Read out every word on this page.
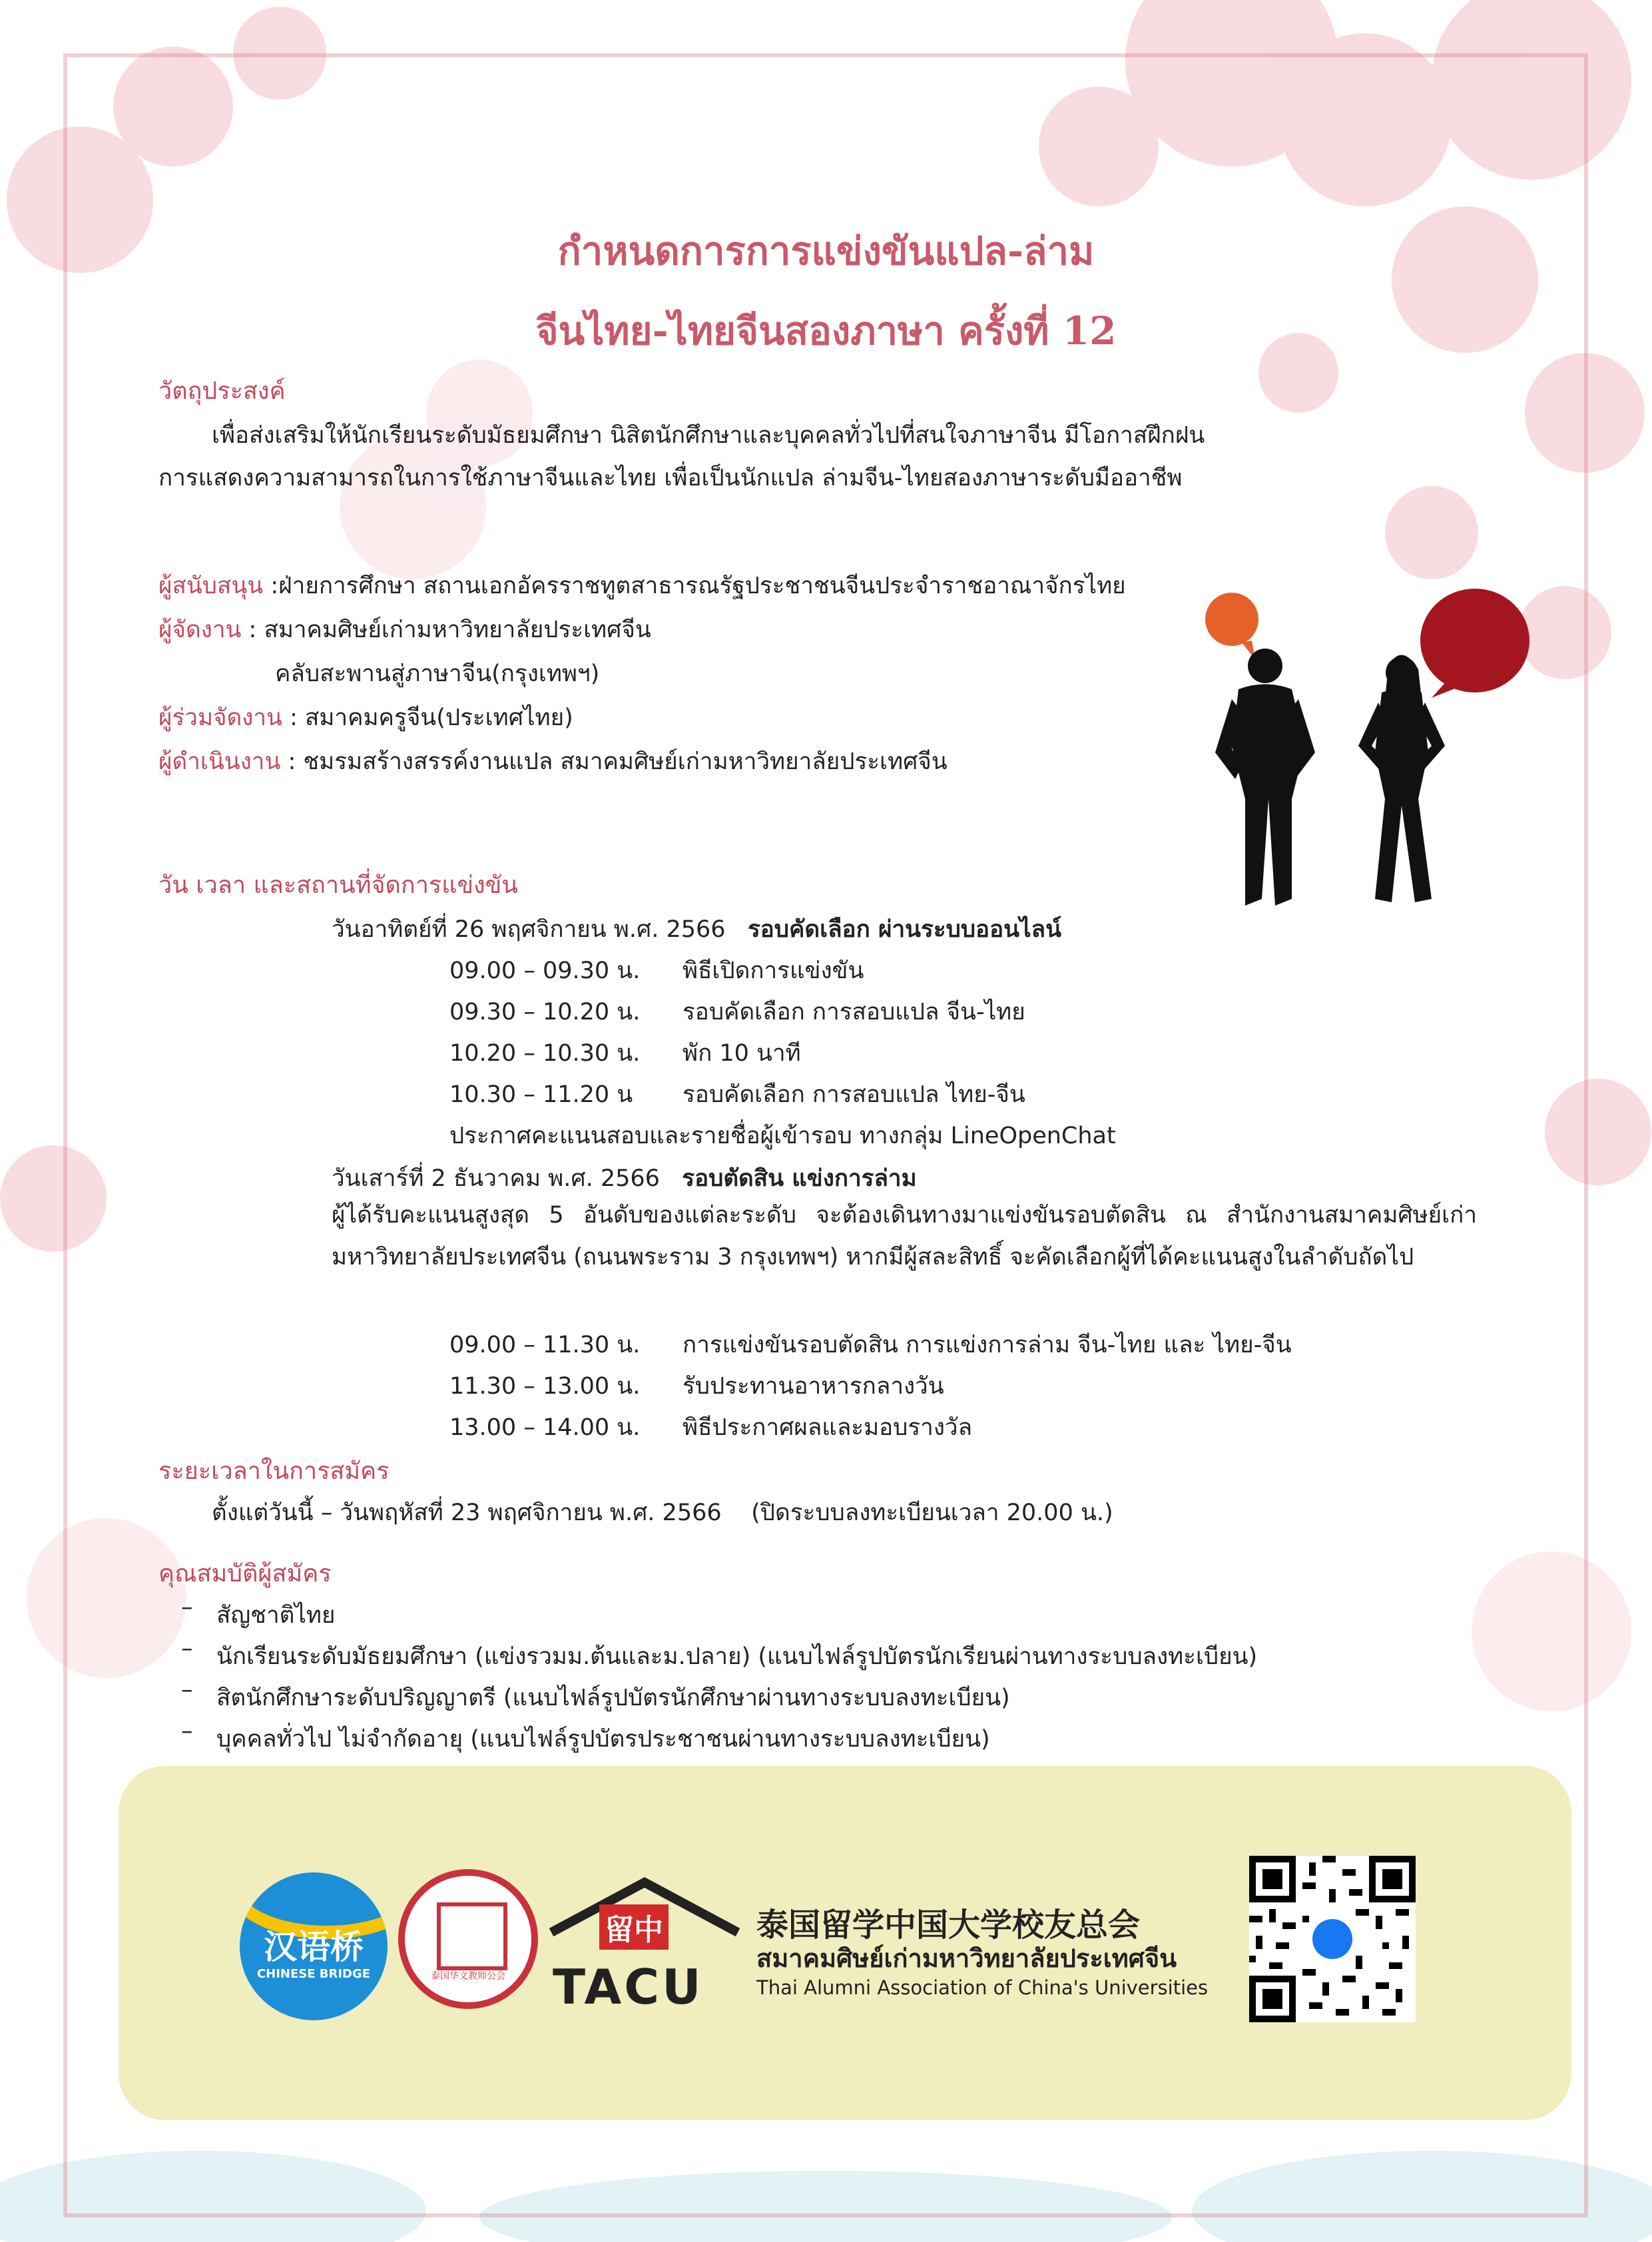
กำหนดการการแข่งขันแปล-ล่าม
จีนไทย-ไทยจีนสองภาษา ครั้งที่ 12
วัตถุประสงค์
เพื่อส่งเสริมให้นักเรียนระดับมัธยมศึกษา นิสิตนักศึกษาและบุคคลทั่วไปที่สนใจภาษาจีน มีโอกาสฝึกฝน
การแสดงความสามารถในการใช้ภาษาจีนและไทย เพื่อเป็นนักแปล ล่ามจีน-ไทยสองภาษาระดับมืออาชีพ
ผู้สนับสนุน :ฝ่ายการศึกษา สถานเอกอัครราชทูตสาธารณรัฐประชาชนจีนประจำราชอาณาจักรไทย
ผู้จัดงาน : สมาคมศิษย์เก่ามหาวิทยาลัยประเทศจีน
คลับสะพานสู่ภาษาจีน(กรุงเทพฯ)
ผู้ร่วมจัดงาน : สมาคมครูจีน(ประเทศไทย)
ผู้ดำเนินงาน : ชมรมสร้างสรรค์งานแปล สมาคมศิษย์เก่ามหาวิทยาลัยประเทศจีน
วัน เวลา และสถานที่จัดการแข่งขัน
วันอาทิตย์ที่ 26 พฤศจิกายน พ.ศ. 2566 รอบคัดเลือก ผ่านระบบออนไลน์
09.00 – 09.30 น. พิธีเปิดการแข่งขัน
09.30 – 10.20 น. รอบคัดเลือก การสอบแปล จีน-ไทย
10.20 – 10.30 น. พัก 10 นาที
10.30 – 11.20 น รอบคัดเลือก การสอบแปล ไทย-จีน
ประกาศคะแนนสอบและรายชื่อผู้เข้ารอบ ทางกลุ่ม LineOpenChat
วันเสาร์ที่ 2 ธันวาคม พ.ศ. 2566 รอบตัดสิน แข่งการล่าม
ผู้ได้รับคะแนนสูงสุด 5 อันดับของแต่ละระดับ จะต้องเดินทางมาแข่งขันรอบตัดสิน ณ สำนักงานสมาคมศิษย์เก่ามหาวิทยาลัยประเทศจีน (ถนนพระราม 3 กรุงเทพฯ) หากมีผู้สละสิทธิ์ จะคัดเลือกผู้ที่ได้คะแนนสูงในลำดับถัดไป
09.00 – 11.30 น. การแข่งขันรอบตัดสิน การแข่งการล่าม จีน-ไทย และ ไทย-จีน
11.30 – 13.00 น. รับประทานอาหารกลางวัน
13.00 – 14.00 น. พิธีประกาศผลและมอบรางวัล
ระยะเวลาในการสมัคร
ตั้งแต่วันนี้ – วันพฤหัสที่ 23 พฤศจิกายน พ.ศ. 2566 (ปิดระบบลงทะเบียนเวลา 20.00 น.)
คุณสมบัติผู้สมัคร
– สัญชาติไทย
– นักเรียนระดับมัธยมศึกษา (แข่งรวมม.ต้นและม.ปลาย) (แนบไฟล์รูปบัตรนักเรียนผ่านทางระบบลงทะเบียน)
– สิตนักศึกษาระดับปริญญาตรี (แนบไฟล์รูปบัตรนักศึกษาผ่านทางระบบลงทะเบียน)
– บุคคลทั่วไป ไม่จำกัดอายุ (แนบไฟล์รูปบัตรประชาชนผ่านทางระบบลงทะเบียน)
汉语桥
CHINESE BRIDGE	泰国华文教师公会
留中
TACU
泰国留学中国大学校友总会
สมาคมศิษย์เก่ามหาวิทยาลัยประเทศจีน
Thai Alumni Association of China's Universities
